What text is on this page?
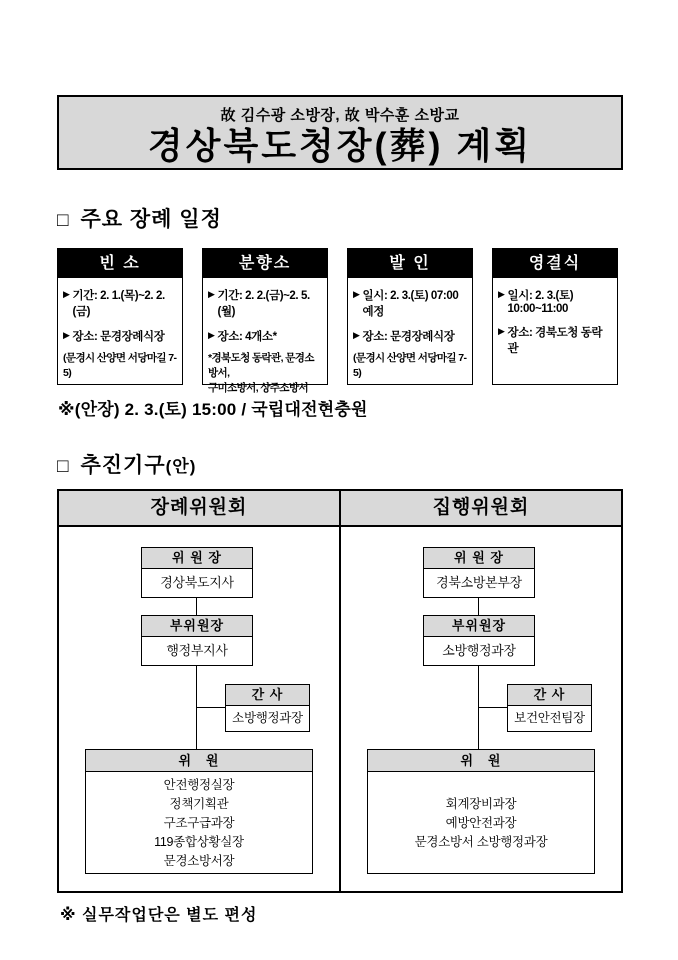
故 김수광 소방장, 故 박수훈 소방교
경상북도청장(葬) 계획
□ 주요 장례 일정
빈 소
▶ 기간: 2. 1.(목)~2. 2.(금)
▶ 장소: 문경장례식장
(문경시 산양면 서당마길 7-5)
분향소
▶ 기간: 2. 2.(금)~2. 5.(월)
▶ 장소: 4개소*
*경북도청 동락관, 문경소방서,
구미소방서, 상주소방서
발 인
▶ 일시: 2. 3.(토) 07:00예정
▶ 장소: 문경장례식장
(문경시 산양면 서당마길 7-5)
영결식
▶ 일시: 2. 3.(토) 10:00~11:00
▶ 장소: 경북도청 동락관
※(안장) 2. 3.(토) 15:00 / 국립대전현충원
□ 추진기구(안)
장례위원회
위 원 장
경상북도지사
부위원장
행정부지사
간 사
소방행정과장
위   원
안전행정실장
정책기획관
구조구급과장
119종합상황실장
문경소방서장
집행위원회
위 원 장
경북소방본부장
부위원장
소방행정과장
간 사
보건안전팀장
위   원
회계장비과장
예방안전과장
문경소방서 소방행정과장
※ 실무작업단은 별도 편성
